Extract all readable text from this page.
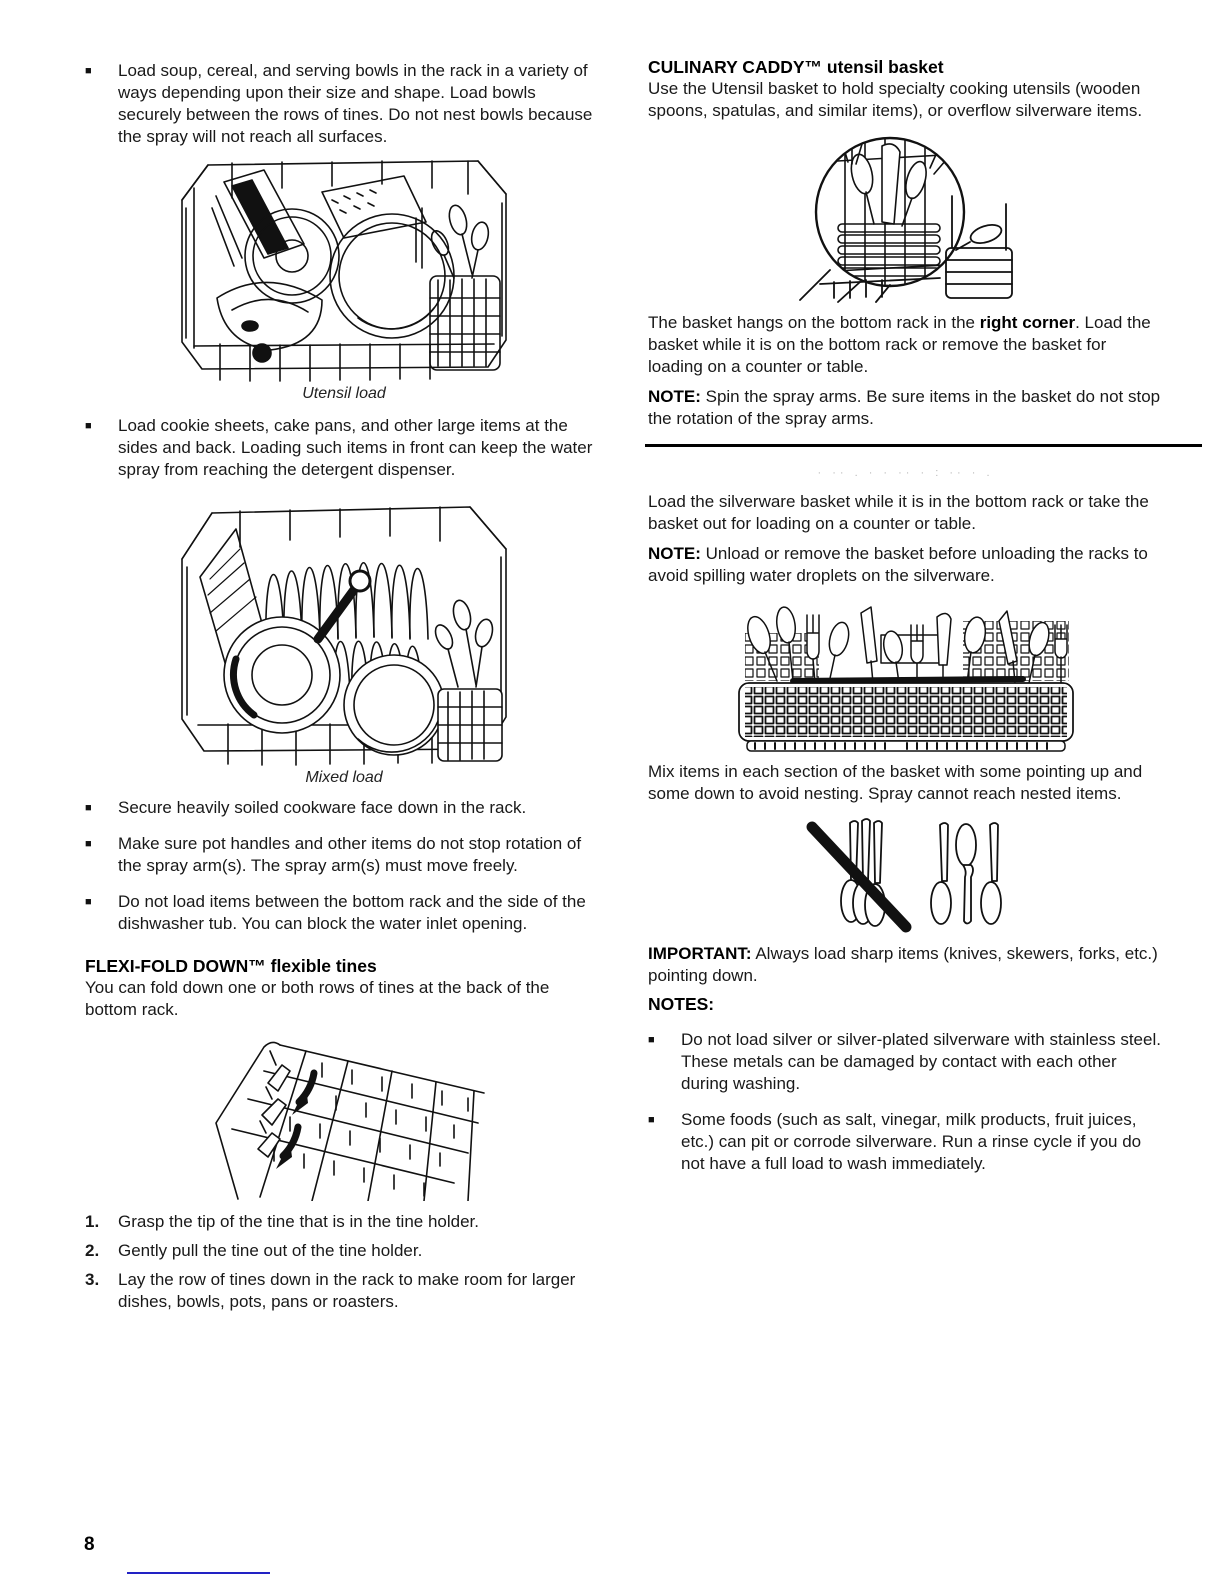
■	Load soup, cereal, and serving bowls in the rack in a variety of ways depending upon their size and shape. Load bowls securely between the rows of tines. Do not nest bowls because the spray will not reach all surfaces.
Utensil load
■	Load cookie sheets, cake pans, and other large items at the sides and back. Loading such items in front can keep the water spray from reaching the detergent dispenser.
Mixed load
■	Secure heavily soiled cookware face down in the rack.
■	Make sure pot handles and other items do not stop rotation of the spray arm(s). The spray arm(s) must move freely.
■	Do not load items between the bottom rack and the side of the dishwasher tub. You can block the water inlet opening.
FLEXI-FOLD DOWN™ flexible tines
You can fold down one or both rows of tines at the back of the bottom rack.
1.	Grasp the tip of the tine that is in the tine holder.
2.	Gently pull the tine out of the tine holder.
3.	Lay the row of tines down in the rack to make room for larger dishes, bowls, pots, pans or roasters.
CULINARY CADDY™ utensil basket
Use the Utensil basket to hold specialty cooking utensils (wooden spoons, spatulas, and similar items), or overflow silverware items.
The basket hangs on the bottom rack in the right corner. Load the basket while it is on the bottom rack or remove the basket for loading on a counter or table.
NOTE: Spin the spray arms. Be sure items in the basket do not stop the rotation of the spray arms.
· ·· . · · ·· · : ·· · .
Load the silverware basket while it is in the bottom rack or take the basket out for loading on a counter or table.
NOTE: Unload or remove the basket before unloading the racks to avoid spilling water droplets on the silverware.
Mix items in each section of the basket with some pointing up and some down to avoid nesting. Spray cannot reach nested items.
IMPORTANT: Always load sharp items (knives, skewers, forks, etc.) pointing down.
NOTES:
■	Do not load silver or silver-plated silverware with stainless steel. These metals can be damaged by contact with each other during washing.
■	Some foods (such as salt, vinegar, milk products, fruit juices, etc.) can pit or corrode silverware. Run a rinse cycle if you do not have a full load to wash immediately.
8
